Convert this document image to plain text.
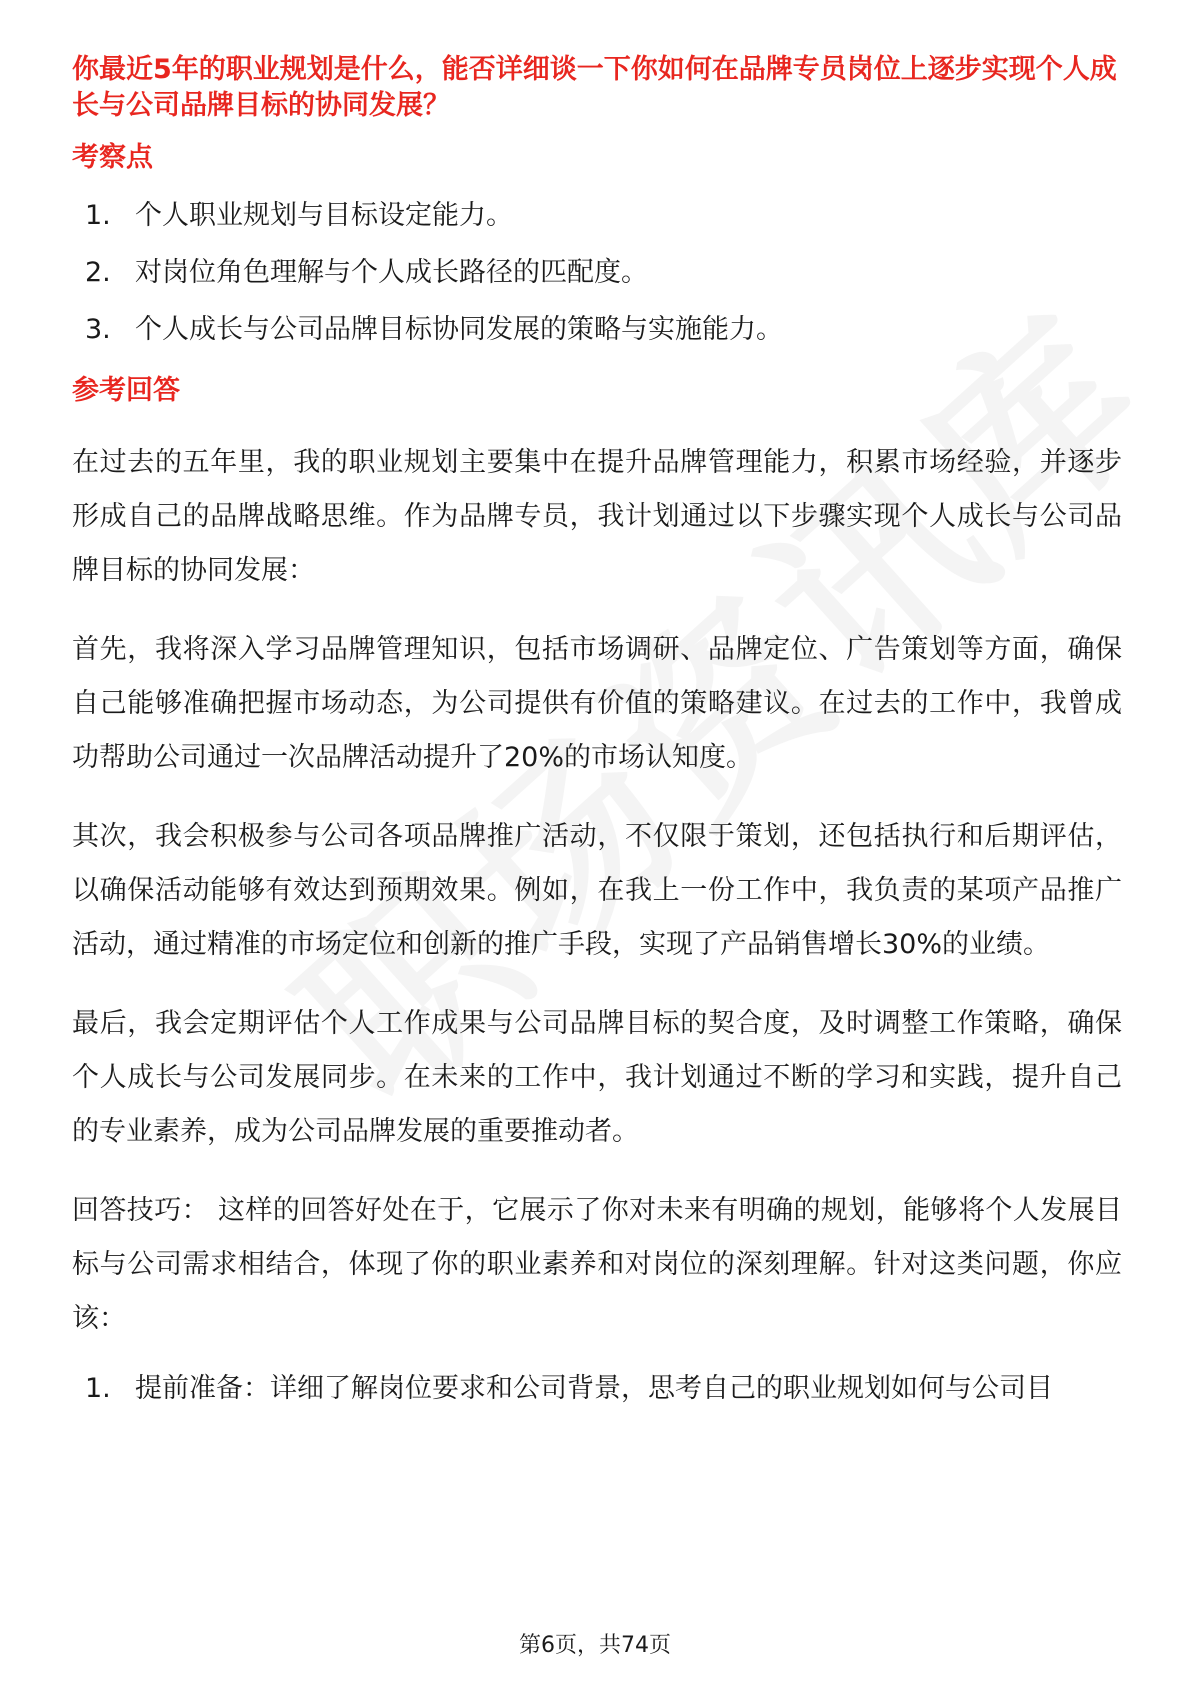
你最近5年的职业规划是什么，能否详细谈一下你如何在品牌专员岗位上逐步实现个人成长与公司品牌目标的协同发展？

考察点

1. 个人职业规划与目标设定能力。
2. 对岗位角色理解与个人成长路径的匹配度。
3. 个人成长与公司品牌目标协同发展的策略与实施能力。

参考回答

在过去的五年里，我的职业规划主要集中在提升品牌管理能力，积累市场经验，并逐步形成自己的品牌战略思维。作为品牌专员，我计划通过以下步骤实现个人成长与公司品牌目标的协同发展：

首先，我将深入学习品牌管理知识，包括市场调研、品牌定位、广告策划等方面，确保自己能够准确把握市场动态，为公司提供有价值的策略建议。在过去的工作中，我曾成功帮助公司通过一次品牌活动提升了20%的市场认知度。

其次，我会积极参与公司各项品牌推广活动，不仅限于策划，还包括执行和后期评估，以确保活动能够有效达到预期效果。例如，在我上一份工作中，我负责的某项产品推广活动，通过精准的市场定位和创新的推广手段，实现了产品销售增长30%的业绩。

最后，我会定期评估个人工作成果与公司品牌目标的契合度，及时调整工作策略，确保个人成长与公司发展同步。在未来的工作中，我计划通过不断的学习和实践，提升自己的专业素养，成为公司品牌发展的重要推动者。

回答技巧： 这样的回答好处在于，它展示了你对未来有明确的规划，能够将个人发展目标与公司需求相结合，体现了你的职业素养和对岗位的深刻理解。针对这类问题，你应该：

1. 提前准备：详细了解岗位要求和公司背景，思考自己的职业规划如何与公司目
第6页，共74页
